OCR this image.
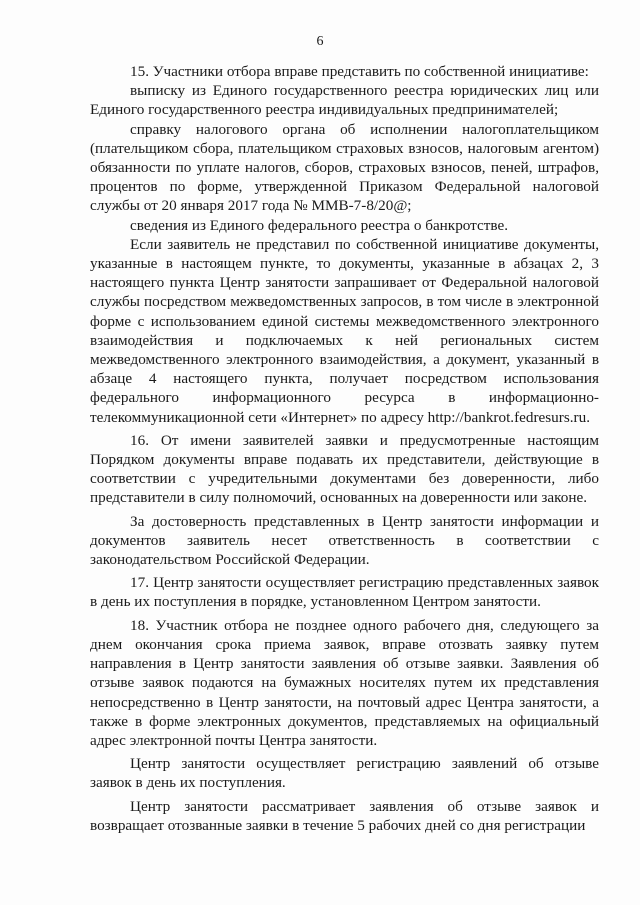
6

15. Участники отбора вправе представить по собственной инициативе:

выписку из Единого государственного реестра юридических лиц или Единого государственного реестра индивидуальных предпринимателей;

справку налогового органа об исполнении налогоплательщиком (плательщиком сбора, плательщиком страховых взносов, налоговым агентом) обязанности по уплате налогов, сборов, страховых взносов, пеней, штрафов, процентов по форме, утвержденной Приказом Федеральной налоговой службы от 20 января 2017 года № ММВ-7-8/20@;

сведения из Единого федерального реестра о банкротстве.

Если заявитель не представил по собственной инициативе документы, указанные в настоящем пункте, то документы, указанные в абзацах 2, 3 настоящего пункта Центр занятости запрашивает от Федеральной налоговой службы посредством межведомственных запросов, в том числе в электронной форме с использованием единой системы межведомственного электронного взаимодействия и подключаемых к ней региональных систем межведомственного электронного взаимодействия, а документ, указанный в абзаце 4 настоящего пункта, получает посредством использования федерального информационного ресурса в информационно-телекоммуникационной сети «Интернет» по адресу http://bankrot.fedresurs.ru.

16. От имени заявителей заявки и предусмотренные настоящим Порядком документы вправе подавать их представители, действующие в соответствии с учредительными документами без доверенности, либо представители в силу полномочий, основанных на доверенности или законе.

За достоверность представленных в Центр занятости информации и документов заявитель несет ответственность в соответствии с законодательством Российской Федерации.

17. Центр занятости осуществляет регистрацию представленных заявок в день их поступления в порядке, установленном Центром занятости.

18. Участник отбора не позднее одного рабочего дня, следующего за днем окончания срока приема заявок, вправе отозвать заявку путем направления в Центр занятости заявления об отзыве заявки. Заявления об отзыве заявок подаются на бумажных носителях путем их представления непосредственно в Центр занятости, на почтовый адрес Центра занятости, а также в форме электронных документов, представляемых на официальный адрес электронной почты Центра занятости.

Центр занятости осуществляет регистрацию заявлений об отзыве заявок в день их поступления.

Центр занятости рассматривает заявления об отзыве заявок и возвращает отозванные заявки в течение 5 рабочих дней со дня регистрации
